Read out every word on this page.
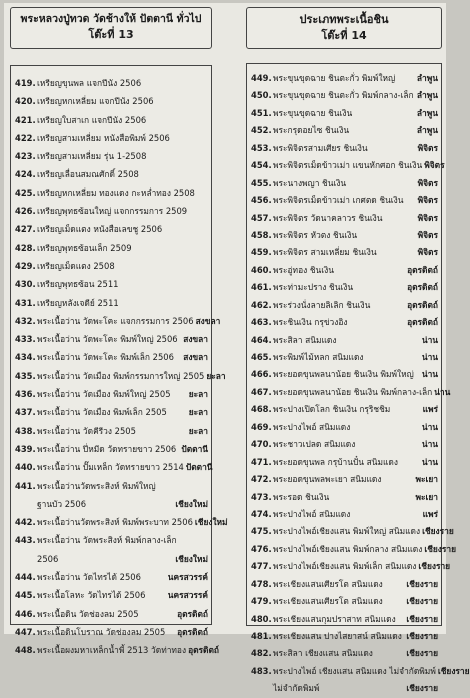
พระหลวงปู่ทวด วัดช้างให้ ปัตตานี ทั่วไป
โต๊ะที่ 13
419. เหรียญขุนพล แจกปีนัง 2506
420. เหรียญหกเหลี่ยม แจกปีนัง 2506
421. เหรียญใบสาเก แจกปีนัง 2506
422. เหรียญสามเหลี่ยม หนังสือพิมพ์ 2506
423. เหรียญสามเหลี่ยม รุ่น 1-2508
424. เหรียญเลื่อนสมณศักดิ์ 2508
425. เหรียญหกเหลี่ยม ทองแดง กะหล่ำทอง 2508
426. เหรียญพุทธซ้อนใหญ่ แจกกรรมการ 2509
427. เหรียญเม็ดแตง หนังสือเลขชู 2506
428. เหรียญพุทธซ้อนเล็ก 2509
429. เหรียญเม็ดแตง 2508
430. เหรียญพุทธซ้อน 2511
431. เหรียญหลังเจดีย์ 2511
432. พระเนื้อว่าน วัดพะโคะ แจกกรรมการ 2506 สงขลา
433. พระเนื้อว่าน วัดพะโคะ พิมพ์ใหญ่ 2506 สงขลา
434. พระเนื้อว่าน วัดพะโคะ พิมพ์เล็ก 2506	สงขลา
435. พระเนื้อว่าน วัดเมือง พิมพ์กรรมการใหญ่ 2505 ยะลา
436. พระเนื้อว่าน วัดเมือง พิมพ์ใหญ่ 2505	ยะลา
437. พระเนื้อว่าน วัดเมือง พิมพ์เล็ก 2505	ยะลา
438. พระเนื้อว่าน วัดคีรีวง 2505	ยะลา
439. พระเนื้อว่าน ปี่หมีด วัดทรายขาว 2506 ปัตตานี
440. พระเนื้อว่าน ปั๊มเหล็ก วัดทรายขาว 2514 ปัตตานี
441. พระเนื้อว่านวัดพระสิงห์ พิมพ์ใหญ่
ฐานบัว 2506	เชียงใหม่
442. พระเนื้อว่านวัดพระสิงห์ พิมพ์พระบาท 2506 เชียงใหม่
443. พระเนื้อว่าน วัดพระสิงห์ พิมพ์กลาง-เล็ก
2506	เชียงใหม่
444. พระเนื้อว่าน วัดไทรได้ 2506	นครสวรรค์
445. พระเนื้อโลหะ วัดไทรได้ 2506	นครสวรรค์
446. พระเนื้อดิน วัดช่องลม 2505	อุตรดิตถ์
447. พระเนื้อดินโบราณ วัดช่องลม 2505	อุตรดิตถ์
448. พระเนื้อผงมหาเหล็กน้ำพี้ 2513 วัดท่าทอง อุตรดิตถ์
ประเภทพระเนื้อชิน
โต๊ะที่ 14
449. พระขุนขุดฉาย ชินตะกั่ว พิมพ์ใหญ่	ลำพูน
450. พระขุนขุดฉาย ชินตะกั่ว พิมพ์กลาง-เล็ก ลำพูน
451. พระขุนขุดฉาย ชินเงิน	ลำพูน
452. พระกรุดอยไซ ชินเงิน	ลำพูน
453. พระพิจิตรสามเศียร ชินเงิน	พิจิตร
454. พระพิจิตรเม็ดข้าวเม่า แขนหักศอก ชินเงิน พิจิตร
455. พระนางพญา ชินเงิน	พิจิตร
456. พระพิจิตรเม็ดข้าวเม่า เกศตด ชินเงิน	พิจิตร
457. พระพิจิตร วัดนาคลาวร ชินเงิน	พิจิตร
458. พระพิจิตร หัวตง ชินเงิน	พิจิตร
459. พระพิจิตร สามเหลี่ยม ชินเงิน	พิจิตร
460. พระอู่ทอง ชินเงิน	อุตรดิตถ์
461. พระท่ามะปราง ชินเงิน	อุตรดิตถ์
462. พระร่วงนั่งลายลิเลิก ชินเงิน	อุตรดิตถ์
463. พระชินเงิน กรุข่วงอิง	อุตรดิตถ์
464. พระสิลา สนิมแดง	น่าน
465. พระพิมพ์ไม้หลก สนิมแดง	น่าน
466. พระยอดขุนพลนาน้อย ชินเงิน พิมพ์ใหญ่ น่าน
467. พระยอดขุนพลนาน้อย ชินเงิน พิมพ์กลาง-เล็ก น่าน
468. พระปางเปิดโลก ชินเงิน กรุริชชิม	แพร่
469. พระปางไพอ์ สนิมแดง	น่าน
470. พระชาวเปลด สนิมแดง	น่าน
471. พระยอดขุนพล กรุบ้านปั๋น สนิมแดง	น่าน
472. พระยอดขุนพลพะเยา สนิมแดง	พะเยา
473. พระรอด ชินเงิน	พะเยา
474. พระปางไพอ์ สนิมแดง	แพร่
475. พระปางไพอ์เชียงแสน พิมพ์ใหญ่ สนิมแดง เชียงราย
476. พระปางไพอ์เชียงแสน พิมพ์กลาง สนิมแดง เชียงราย
477. พระปางไพอ์เชียงแสน พิมพ์เล็ก สนิมแดง เชียงราย
478. พระเชียงแสนเศียรโต สนิมแดง	เชียงราย
479. พระเชียงแสนเศียรโต สนิมแดง	เชียงราย
480. พระเชียงแสนกุมปราสาท สนิมแดง	เชียงราย
481. พระเชียงแสน ปางไสยาสน์ สนิมแดง เชียงราย
482. พระสิลา เชียงแสน สนิมแดง	เชียงราย
483. พระปางไพอ์ เชียงแสน สนิมแดง ไม่จำกัดพิมพ์ เชียงราย
ไม่จำกัดพิมพ์	เชียงราย
